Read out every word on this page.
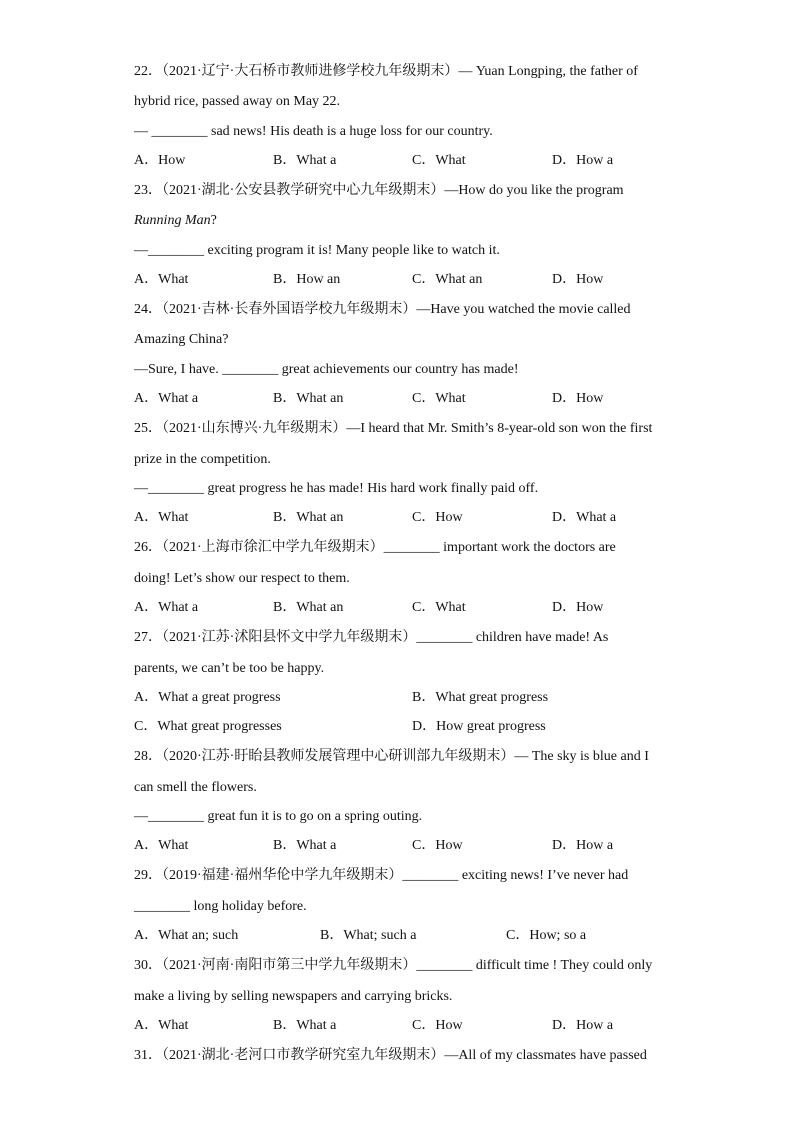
22．（2021·辽宁·大石桥市教师进修学校九年级期末）— Yuan Longping, the father of
hybrid rice, passed away on May 22.
— ________ sad news! His death is a huge loss for our country.
A．How	B．What a	C．What	D．How a
23．（2021·湖北·公安县教学研究中心九年级期末）—How do you like the program
Running Man?
—________ exciting program it is! Many people like to watch it.
A．What	B．How an	C．What an	D．How
24．（2021·吉林·长春外国语学校九年级期末）—Have you watched the movie called
Amazing China?
—Sure, I have. ________ great achievements our country has made!
A．What a	B．What an	C．What	D．How
25．（2021·山东博兴·九年级期末）—I heard that Mr. Smith’s 8-year-old son won the first
prize in the competition.
—________ great progress he has made! His hard work finally paid off.
A．What	B．What an	C．How	D．What a
26．（2021·上海市徐汇中学九年级期末）________ important work the doctors are
doing! Let’s show our respect to them.
A．What a	B．What an	C．What	D．How
27．（2021·江苏·沭阳县怀文中学九年级期末）________ children have made! As
parents, we can’t be too be happy.
A．What a great progress	B．What great progress
C．What great progresses	D．How great progress
28．（2020·江苏·盱眙县教师发展管理中心研训部九年级期末）— The sky is blue and I
can smell the flowers.
—________ great fun it is to go on a spring outing.
A．What	B．What a	C．How	D．How a
29．（2019·福建·福州华伦中学九年级期末）________ exciting news! I’ve never had
________ long holiday before.
A．What an; such	B．What; such a	C．How; so a
30．（2021·河南·南阳市第三中学九年级期末）________ difficult time ! They could only
make a living by selling newspapers and carrying bricks.
A．What	B．What a	C．How	D．How a
31．（2021·湖北·老河口市教学研究室九年级期末）—All of my classmates have passed
